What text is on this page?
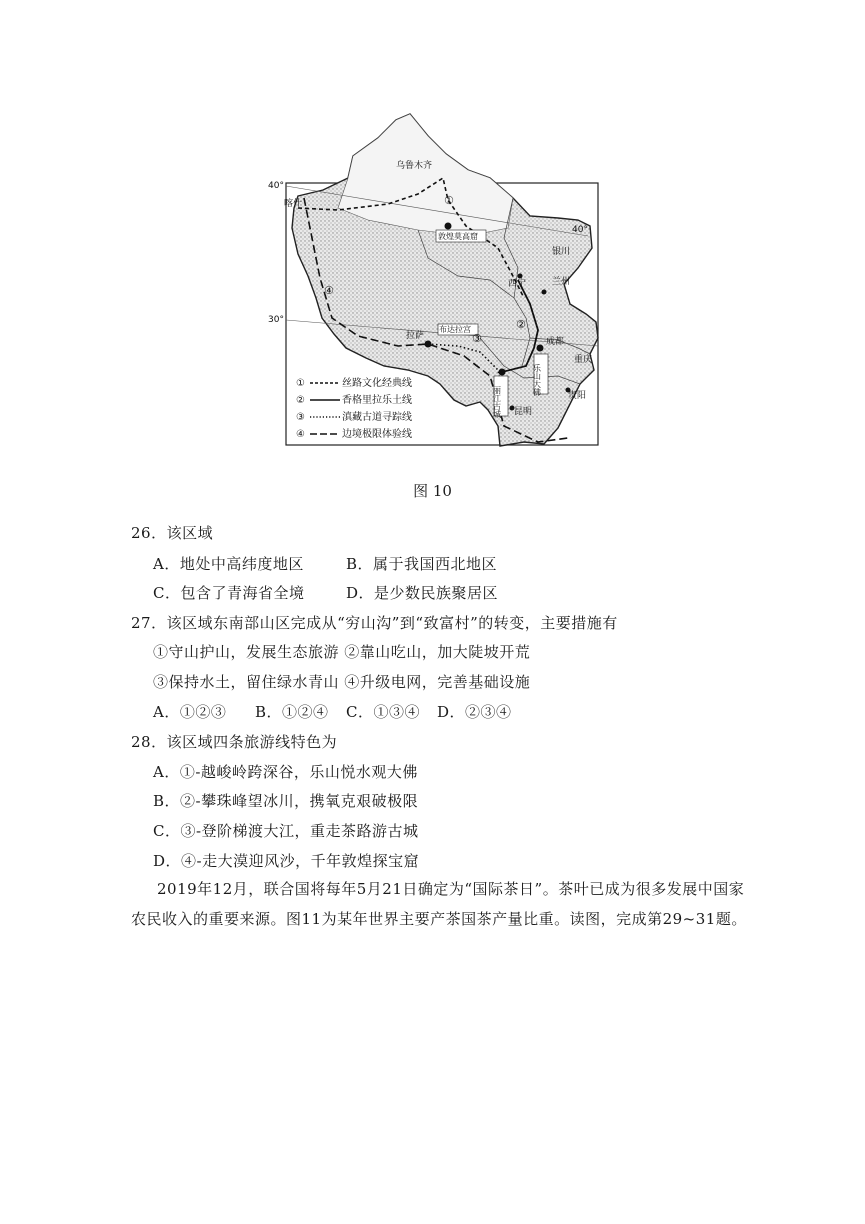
乌鲁木齐
喀什
敦煌莫高窟
银川
兰州
西宁
拉萨
布达拉宫
成都
乐山大佛
丽江古城 昆明
重庆
贵阳
40°
40°
30°
①
②
③
④
①	丝路文化经典线
②	香格里拉乐土线
③	滇藏古道寻踪线
④	边境极限体验线
图 10
26．该区域
A．地处中高纬度地区	B．属于我国西北地区
C．包含了青海省全境	D．是少数民族聚居区
27．该区域东南部山区完成从“穷山沟”到“致富村”的转变，主要措施有
①守山护山，发展生态旅游 ②靠山吃山，加大陡坡开荒
③保持水土，留住绿水青山 ④升级电网，完善基础设施
A．①②③ B．①②④ C．①③④ D．②③④
28．该区域四条旅游线特色为
A．①-越峻岭跨深谷，乐山悦水观大佛
B．②-攀珠峰望冰川，携氧克艰破极限
C．③-登阶梯渡大江，重走茶路游古城
D．④-走大漠迎风沙，千年敦煌探宝窟
2019年12月，联合国将每年5月21日确定为“国际茶日”。茶叶已成为很多发展中国家农民收入的重要来源。图11为某年世界主要产茶国茶产量比重。读图，完成第29~31题。
